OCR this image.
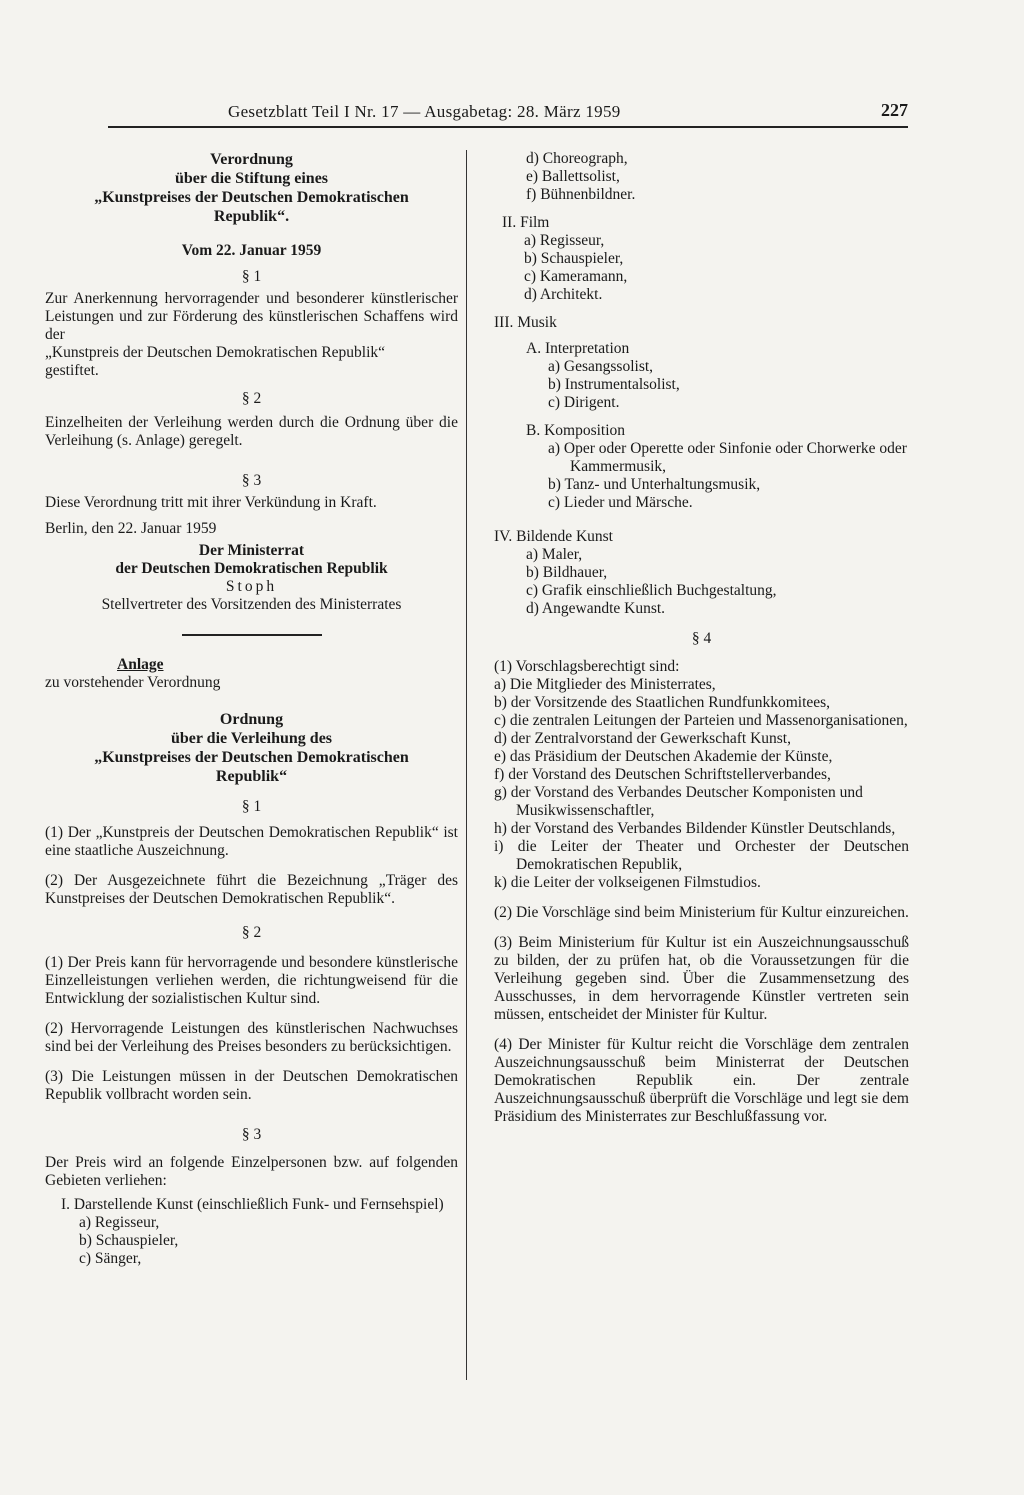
Gesetzblatt Teil I Nr. 17 — Ausgabetag: 28. März 1959	227
Verordnung
über die Stiftung eines
„Kunstpreises der Deutschen Demokratischen
Republik“.
Vom 22. Januar 1959
§ 1

Zur Anerkennung hervorragender und besonderer künstlerischer Leistungen und zur Förderung des künstlerischen Schaffens wird der

„Kunstpreis der Deutschen Demokratischen Republik“

gestiftet.

§ 2

Einzelheiten der Verleihung werden durch die Ordnung über die Verleihung (s. Anlage) geregelt.

§ 3

Diese Verordnung tritt mit ihrer Verkündung in Kraft.

Berlin, den 22. Januar 1959

Der Ministerrat
der Deutschen Demokratischen Republik
Stoph
Stellvertreter des Vorsitzenden des Ministerrates
Anlage
zu vorstehender Verordnung
Ordnung
über die Verleihung des
„Kunstpreises der Deutschen Demokratischen
Republik“
§ 1

(1) Der „Kunstpreis der Deutschen Demokratischen Republik“ ist eine staatliche Auszeichnung.

(2) Der Ausgezeichnete führt die Bezeichnung „Träger des Kunstpreises der Deutschen Demokratischen Republik“.

§ 2

(1) Der Preis kann für hervorragende und besondere künstlerische Einzelleistungen verliehen werden, die richtungweisend für die Entwicklung der sozialistischen Kultur sind.

(2) Hervorragende Leistungen des künstlerischen Nachwuchses sind bei der Verleihung des Preises besonders zu berücksichtigen.

(3) Die Leistungen müssen in der Deutschen Demokratischen Republik vollbracht worden sein.

§ 3

Der Preis wird an folgende Einzelpersonen bzw. auf folgenden Gebieten verliehen:

I. Darstellende Kunst (einschließlich Funk- und Fernsehspiel)

a) Regisseur,
b) Schauspieler,
c) Sänger,
d) Choreograph,
e) Ballettsolist,
f) Bühnenbildner.
II. Film
a) Regisseur,
b) Schauspieler,
c) Kameramann,
d) Architekt.
III. Musik
A. Interpretation
a) Gesangssolist,
b) Instrumentalsolist,
c) Dirigent.
B. Komposition
a) Oper oder Operette oder Sinfonie oder Chorwerke oder Kammermusik,
b) Tanz- und Unterhaltungsmusik,
c) Lieder und Märsche.
IV. Bildende Kunst
a) Maler,
b) Bildhauer,
c) Grafik einschließlich Buchgestaltung,
d) Angewandte Kunst.
§ 4

(1) Vorschlagsberechtigt sind:

a) Die Mitglieder des Ministerrates,
b) der Vorsitzende des Staatlichen Rundfunkkomitees,
c) die zentralen Leitungen der Parteien und Massenorganisationen,
d) der Zentralvorstand der Gewerkschaft Kunst,
e) das Präsidium der Deutschen Akademie der Künste,
f) der Vorstand des Deutschen Schriftstellerverbandes,
g) der Vorstand des Verbandes Deutscher Komponisten und Musikwissenschaftler,
h) der Vorstand des Verbandes Bildender Künstler Deutschlands,
i) die Leiter der Theater und Orchester der Deutschen Demokratischen Republik,
k) die Leiter der volkseigenen Filmstudios.

(2) Die Vorschläge sind beim Ministerium für Kultur einzureichen.

(3) Beim Ministerium für Kultur ist ein Auszeichnungsausschuß zu bilden, der zu prüfen hat, ob die Voraussetzungen für die Verleihung gegeben sind. Über die Zusammensetzung des Ausschusses, in dem hervorragende Künstler vertreten sein müssen, entscheidet der Minister für Kultur.

(4) Der Minister für Kultur reicht die Vorschläge dem zentralen Auszeichnungsausschuß beim Ministerrat der Deutschen Demokratischen Republik ein. Der zentrale Auszeichnungsausschuß überprüft die Vorschläge und legt sie dem Präsidium des Ministerrates zur Beschlußfassung vor.
